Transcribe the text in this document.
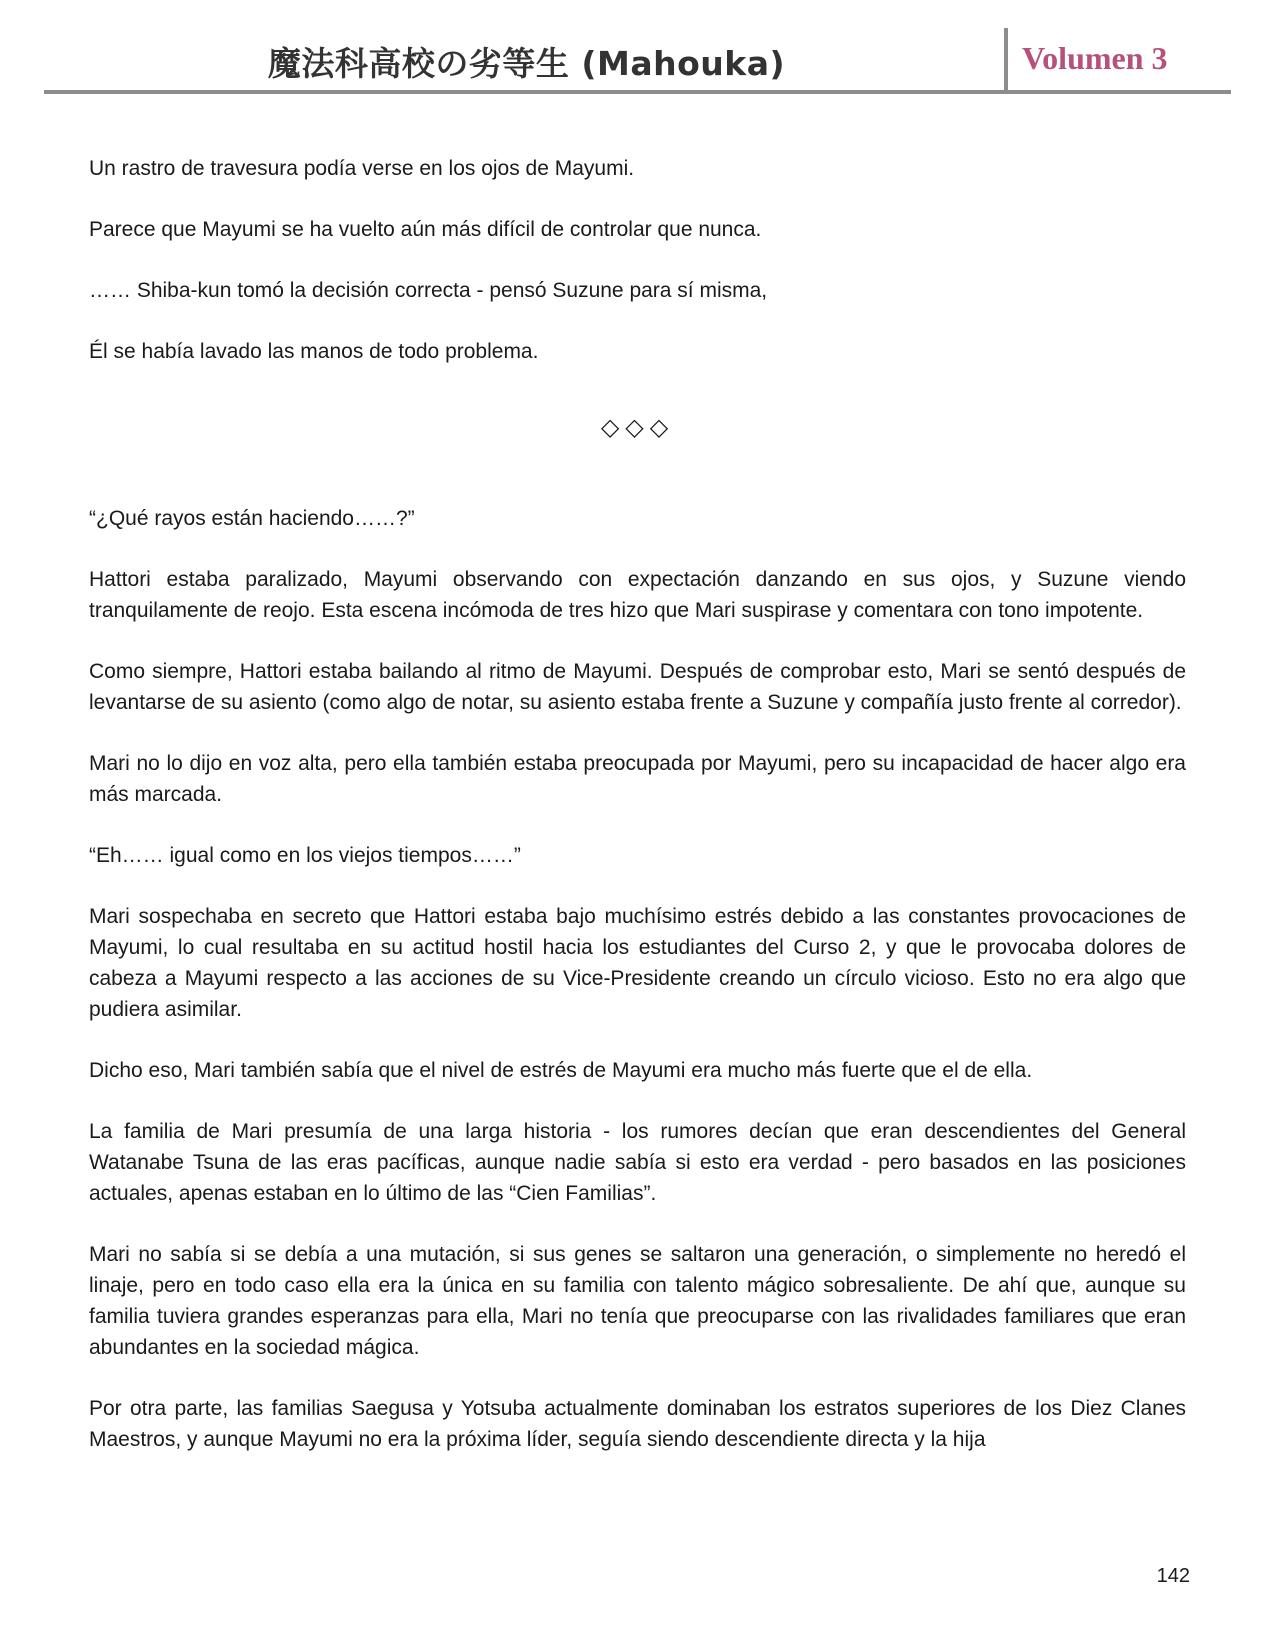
魔法科高校の劣等生 (Mahouka)	Volumen 3

Un rastro de travesura podía verse en los ojos de Mayumi.

Parece que Mayumi se ha vuelto aún más difícil de controlar que nunca.

…… Shiba-kun tomó la decisión correcta - pensó Suzune para sí misma,

Él se había lavado las manos de todo problema.

◇◇◇

“¿Qué rayos están haciendo……?”

Hattori estaba paralizado, Mayumi observando con expectación danzando en sus ojos, y Suzune viendo tranquilamente de reojo. Esta escena incómoda de tres hizo que Mari suspirase y comentara con tono impotente.

Como siempre, Hattori estaba bailando al ritmo de Mayumi. Después de comprobar esto, Mari se sentó después de levantarse de su asiento (como algo de notar, su asiento estaba frente a Suzune y compañía justo frente al corredor).

Mari no lo dijo en voz alta, pero ella también estaba preocupada por Mayumi, pero su incapacidad de hacer algo era más marcada.

“Eh…… igual como en los viejos tiempos……”

Mari sospechaba en secreto que Hattori estaba bajo muchísimo estrés debido a las constantes provocaciones de Mayumi, lo cual resultaba en su actitud hostil hacia los estudiantes del Curso 2, y que le provocaba dolores de cabeza a Mayumi respecto a las acciones de su Vice-Presidente creando un círculo vicioso. Esto no era algo que pudiera asimilar.

Dicho eso, Mari también sabía que el nivel de estrés de Mayumi era mucho más fuerte que el de ella.

La familia de Mari presumía de una larga historia - los rumores decían que eran descendientes del General Watanabe Tsuna de las eras pacíficas, aunque nadie sabía si esto era verdad - pero basados en las posiciones actuales, apenas estaban en lo último de las “Cien Familias”.

Mari no sabía si se debía a una mutación, si sus genes se saltaron una generación, o simplemente no heredó el linaje, pero en todo caso ella era la única en su familia con talento mágico sobresaliente. De ahí que, aunque su familia tuviera grandes esperanzas para ella, Mari no tenía que preocuparse con las rivalidades familiares que eran abundantes en la sociedad mágica.

Por otra parte, las familias Saegusa y Yotsuba actualmente dominaban los estratos superiores de los Diez Clanes Maestros, y aunque Mayumi no era la próxima líder, seguía siendo descendiente directa y la hija

142
